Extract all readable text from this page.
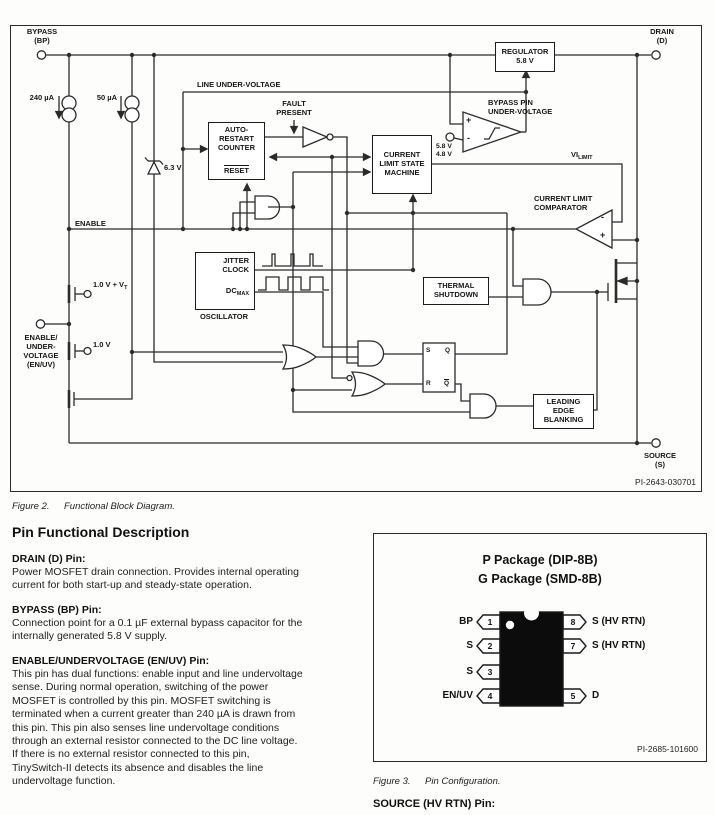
REGULATOR
5.8 V
AUTO-
RESTART
COUNTER
RESET
CURRENT
LIMIT STATE
MACHINE
THERMAL
SHUTDOWN
LEADING
EDGE
BLANKING
BYPASS
(BP)
DRAIN
(D)
SOURCE
(S)
ENABLE/
UNDER-
VOLTAGE
(EN/UV)
240 µA	50 µA
6.3 V
LINE UNDER-VOLTAGE
ENABLE
FAULT
PRESENT
BYPASS PIN
UNDER-VOLTAGE
5.8 V
4.8 V	$VI_{LIMIT}$
CURRENT LIMIT
COMPARATOR
JITTER
CLOCK
$DC_{MAX}$
OSCILLATOR
1.0 $V + V_T$
1.0 V
S Q
R $\overline{Q}$
+
-
-
+
PI-2643-030701
Figure 2. Functional Block Diagram.
Pin Functional Description
DRAIN (D) Pin:
Power MOSFET drain connection. Provides internal operating
current for both start-up and steady-state operation.
BYPASS (BP) Pin:
Connection point for a 0.1 µF external bypass capacitor for the
internally generated 5.8 V supply.
ENABLE/UNDERVOLTAGE (EN/UV) Pin:
This pin has dual functions: enable input and line undervoltage
sense. During normal operation, switching of the power
MOSFET is controlled by this pin. MOSFET switching is
terminated when a current greater than 240 µA is drawn from
this pin. This pin also senses line undervoltage conditions
through an external resistor connected to the DC line voltage.
If there is no external resistor connected to this pin,
TinySwitch-II detects its absence and disables the line
undervoltage function.
P Package (DIP-8B)
G Package (SMD-8B)
BP
S
S
EN/UV
S (HV RTN)
S (HV RTN)
D
1
2
3
4
8
7
5
PI-2685-101600
Figure 3. Pin Configuration.
SOURCE (HV RTN) Pin:
